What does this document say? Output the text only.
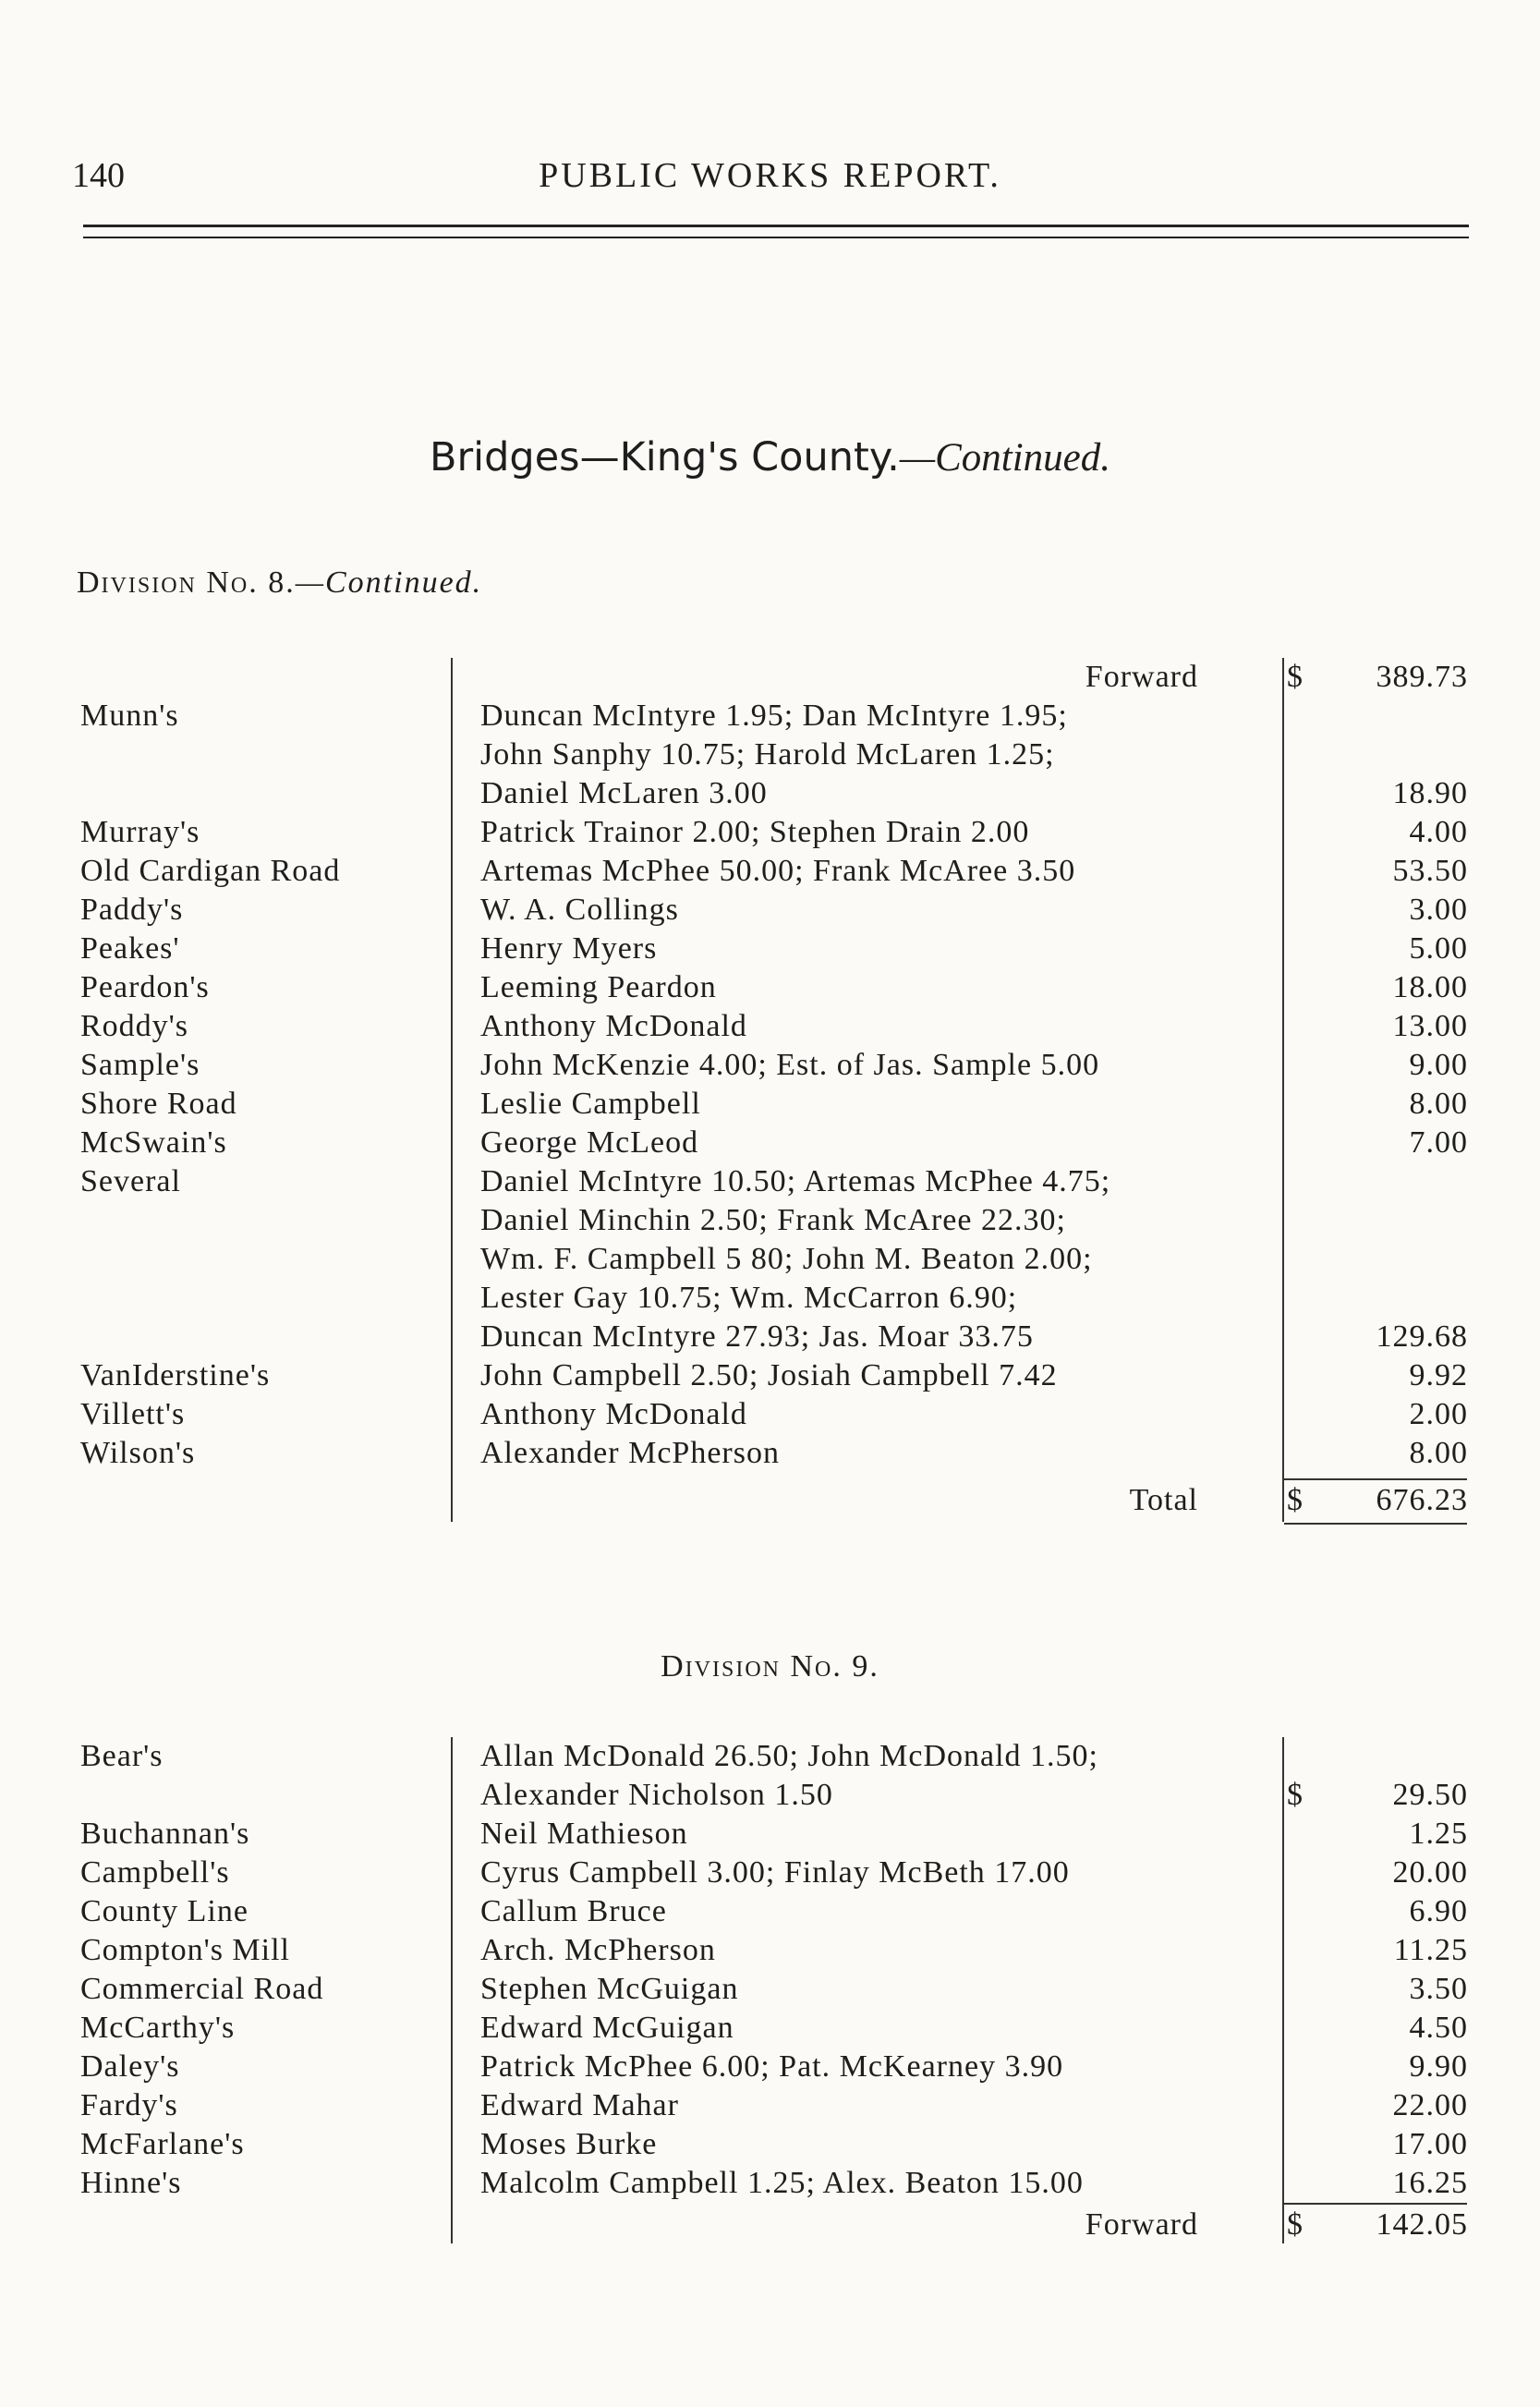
140	PUBLIC WORKS REPORT.
Bridges—King's County.—Continued.
Division No. 8.—Continued.
Forward	$ 389.73
Munn's	Duncan McIntyre 1.95; Dan McIntyre 1.95;
John Sanphy 10.75; Harold McLaren 1.25;
Daniel McLaren 3.00	18.90
Murray's	Patrick Trainor 2.00; Stephen Drain 2.00	4.00
Old Cardigan Road	Artemas McPhee 50.00; Frank McAree 3.50	53.50
Paddy's	W. A. Collings	3.00
Peakes'	Henry Myers	5.00
Peardon's	Leeming Peardon	18.00
Roddy's	Anthony McDonald	13.00
Sample's	John McKenzie 4.00; Est. of Jas. Sample 5.00	9.00
Shore Road	Leslie Campbell	8.00
McSwain's	George McLeod	7.00
Several	Daniel McIntyre 10.50; Artemas McPhee 4.75;
Daniel Minchin 2.50; Frank McAree 22.30;
Wm. F. Campbell 5 80; John M. Beaton 2.00;
Lester Gay 10.75; Wm. McCarron 6.90;
Duncan McIntyre 27.93; Jas. Moar 33.75	129.68
VanIderstine's	John Campbell 2.50; Josiah Campbell 7.42	9.92
Villett's	Anthony McDonald	2.00
Wilson's	Alexander McPherson	8.00
Total	$ 676.23
Division No. 9.
Bear's	Allan McDonald 26.50; John McDonald 1.50;
Alexander Nicholson 1.50	$	29.50
Buchannan's	Neil Mathieson	1.25
Campbell's	Cyrus Campbell 3.00; Finlay McBeth 17.00	20.00
County Line	Callum Bruce	6.90
Compton's Mill	Arch. McPherson	11.25
Commercial Road	Stephen McGuigan	3.50
McCarthy's	Edward McGuigan	4.50
Daley's	Patrick McPhee 6.00; Pat. McKearney 3.90	9.90
Fardy's	Edward Mahar	22.00
McFarlane's	Moses Burke	17.00
Hinne's	Malcolm Campbell 1.25; Alex. Beaton 15.00	16.25
Forward	$ 142.05
